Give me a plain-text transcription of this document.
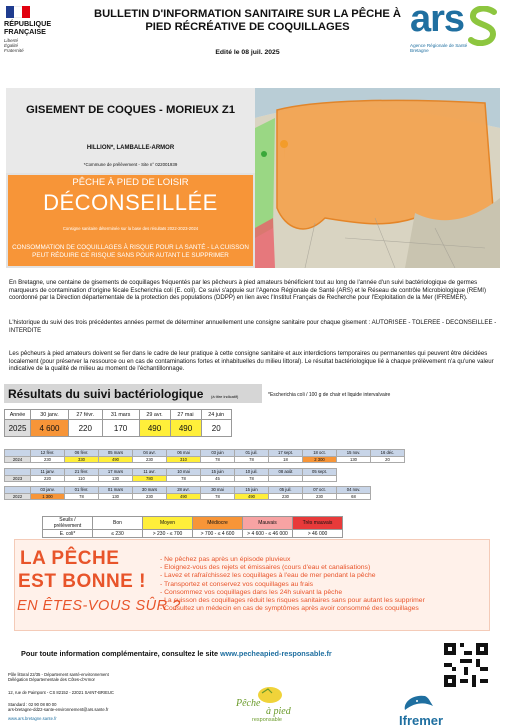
RÉPUBLIQUE FRANÇAISE
Liberté
Égalité
Fraternité
BULLETIN D'INFORMATION SANITAIRE SUR LA PÊCHE À PIED RÉCRÉATIVE DE COQUILLAGES
Edité le 08 juil. 2025
ars
Agence Régionale de Santé
Bretagne
GISEMENT DE COQUES - MORIEUX Z1
HILLION*, LAMBALLE-ARMOR
*Commune de prélèvement - Site n° 022001939
PÊCHE À PIED DE LOISIR
DÉCONSEILLÉE
Consigne sanitaire déterminée sur la base des résultats 2022-2023-2024
CONSOMMATION DE COQUILLAGES À RISQUE POUR LA SANTÉ - LA CUISSON PEUT RÉDUIRE CE RISQUE SANS POUR AUTANT LE SUPPRIMER
En Bretagne, une centaine de gisements de coquillages fréquentés par les pêcheurs à pied amateurs bénéficient tout au long de l'année d'un suivi bactériologique de germes marqueurs de contamination d'origine fécale Escherichia coli (E. coli). Ce suivi s'appuie sur l'Agence Régionale de Santé (ARS) et le Réseau de contrôle Microbiologique (REMI) coordonné par la Direction départementale de la protection des populations (DDPP) en lien avec l'Institut Français de Recherche pour l'Exploitation de la Mer (IFREMER).
L'historique du suivi des trois précédentes années permet de déterminer annuellement une consigne sanitaire pour chaque gisement : AUTORISEE - TOLEREE - DECONSEILLEE - INTERDITE
Les pêcheurs à pied amateurs doivent se fier dans le cadre de leur pratique à cette consigne sanitaire et aux interdictions temporaires ou permanentes qui peuvent être décidées localement (pour préserver la ressource ou en cas de contaminations fortes et inhabituelles du milieu littoral). Le résultat bactériologique lié à chaque prélèvement n'a qu'une valeur indicative de la qualité de milieu au moment de l'échantillonnage.
Résultats du suivi bactériologique (à titre indicatif)	*Escherichia coli / 100 g de chair et liquide intervalvaire
Année	30 janv.	27 févr.	31 mars	29 avr.	27 mai	24 juin
2025	4 600	220	170	490	490	20
	12 févr.	06 févr.	05 mars	04 avr.	06 mai	03 juin	01 juil.	17 sept.	18 oct.	15 nov.	16 déc.
2024	230	330	490	230	310	78	78	18	2 300	130	20
	11 janv.	21 févr.	17 mars	11 avr.	10 mai	15 juin	10 juil.	08 août	05 sept.
2023	220	110	130	780	78	45	78		
	03 janv.	01 févr.	01 mars	30 mars	28 avr.	30 mai	15 juin	05 juil.	07 oct.	04 nov.
2022	1 300	78	130	230	490	78	490	230	230	68
Seuils / prélèvement	Bon	Moyen	Médiocre	Mauvais	Très mauvais
E. coli*	≤ 230	> 230 - ≤ 700	> 700 - ≤ 4 600	> 4 600 - ≤ 46 000	> 46 000
LA PÊCHE
EST BONNE !
EN ÊTES-VOUS SÛR ?
- Ne pêchez pas après un épisode pluvieux
- Eloignez-vous des rejets et émissaires (cours d'eau et canalisations)
- Lavez et rafraîchissez les coquillages à l'eau de mer pendant la pêche
- Transportez et conservez vos coquillages au frais
- Consommez vos coquillages dans les 24h suivant la pêche
- La cuisson des coquillages réduit les risques sanitaires sans pour autant les supprimer
- Consultez un médecin en cas de symptômes après avoir consommé des coquillages
Pour toute information complémentaire, consultez le site www.pecheapied-responsable.fr
Pôle littoral 22/35 - Département santé-environnement
Délégation Départementale des Côtes-d'Armor
12, rue de Paimpont - CS 82152 - 22021 SAINT-BRIEUC
Standard : 02 90 08 80 00
ars-bretagne-dd22-sante-environnement@ars.sante.fr
www.ars.bretagne.sante.fr
Pêche
à pied
responsable	Ifremer
